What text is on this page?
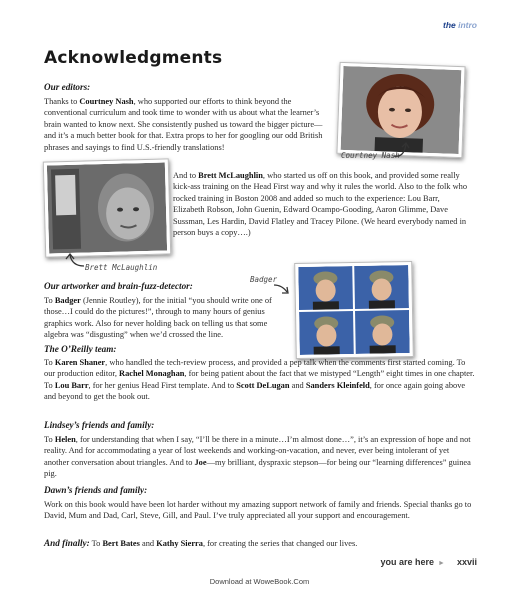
the intro
Acknowledgments
Courtney Nash
Our editors:
Thanks to Courtney Nash, who supported our efforts to think beyond the conventional curriculum and took time to wonder with us about what the learner’s brain wanted to know next. She consistently pushed us toward the bigger picture—and it’s a much better book for that. Extra props to her for googling our odd British phrases and sayings to find U.S.-friendly translations!
Brett McLaughlin
And to Brett McLaughlin, who started us off on this book, and provided some really kick-ass training on the Head First way and why it rules the world. Also to the folk who rocked training in Boston 2008 and added so much to the experience: Lou Barr, Elizabeth Robson, John Guenin, Edward Ocampo-Gooding, Aaron Glimme, Dave Sussman, Les Hardin, David Flatley and Tracey Pilone. (We heard everybody named in person buys a copy….)
Our artworker and brain-fuzz-detector:
Badger
To Badger (Jennie Routley), for the initial “you should write one of those…I could do the pictures!”, through to many hours of genius graphics work. Also for never holding back on telling us that some algebra was “disgusting” when we’d crossed the line.
The O’Reilly team:
To Karen Shaner, who handled the tech-review process, and provided a pep talk when the comments first started coming. To our production editor, Rachel Monaghan, for being patient about the fact that we mistyped “Length” eight times in one chapter. To Lou Barr, for her genius Head First template. And to Scott DeLugan and Sanders Kleinfeld, for once again going above and beyond to get the book out.
Lindsey’s friends and family:
To Helen, for understanding that when I say, “I’ll be there in a minute…I’m almost done…”, it’s an expression of hope and not reality. And for accommodating a year of lost weekends and working-on-vacation, and never, ever being intolerant of yet another conversation about triangles. And to Joe—my brilliant, dyspraxic stepson—for being our “learning differences” guinea pig.
Dawn’s friends and family:
Work on this book would have been lot harder without my amazing support network of family and friends. Special thanks go to David, Mum and Dad, Carl, Steve, Gill, and Paul. I’ve truly appreciated all your support and encouragement.
And finally: To Bert Bates and Kathy Sierra, for creating the series that changed our lives.
you are here ► xxvii
Download at WoweBook.Com
